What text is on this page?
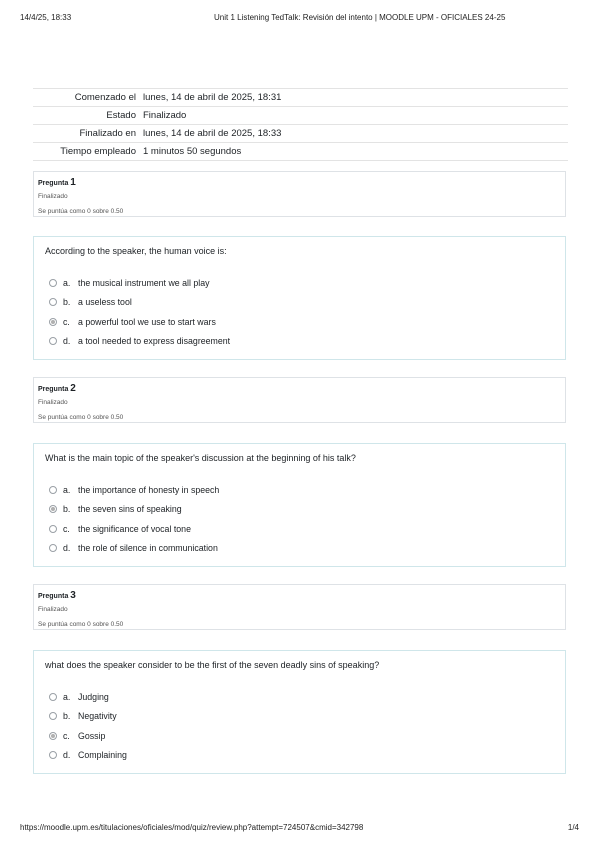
14/4/25, 18:33	Unit 1 Listening TedTalk: Revisión del intento | MOODLE UPM - OFICIALES 24-25
Comenzado el	lunes, 14 de abril de 2025, 18:31
Estado	Finalizado
Finalizado en	lunes, 14 de abril de 2025, 18:33
Tiempo empleado	1 minutos 50 segundos
Pregunta 1
Finalizado
Se puntúa como 0 sobre 0.50
According to the speaker, the human voice is:
a. the musical instrument we all play
b. a useless tool
c. a powerful tool we use to start wars
d. a tool needed to express disagreement
Pregunta 2
Finalizado
Se puntúa como 0 sobre 0.50
What is the main topic of the speaker's discussion at the beginning of his talk?
a. the importance of honesty in speech
b. the seven sins of speaking
c. the significance of vocal tone
d. the role of silence in communication
Pregunta 3
Finalizado
Se puntúa como 0 sobre 0.50
what does the speaker consider to be the first of the seven deadly sins of speaking?
a. Judging
b. Negativity
c. Gossip
d. Complaining
https://moodle.upm.es/titulaciones/oficiales/mod/quiz/review.php?attempt=724507&cmid=342798	1/4
